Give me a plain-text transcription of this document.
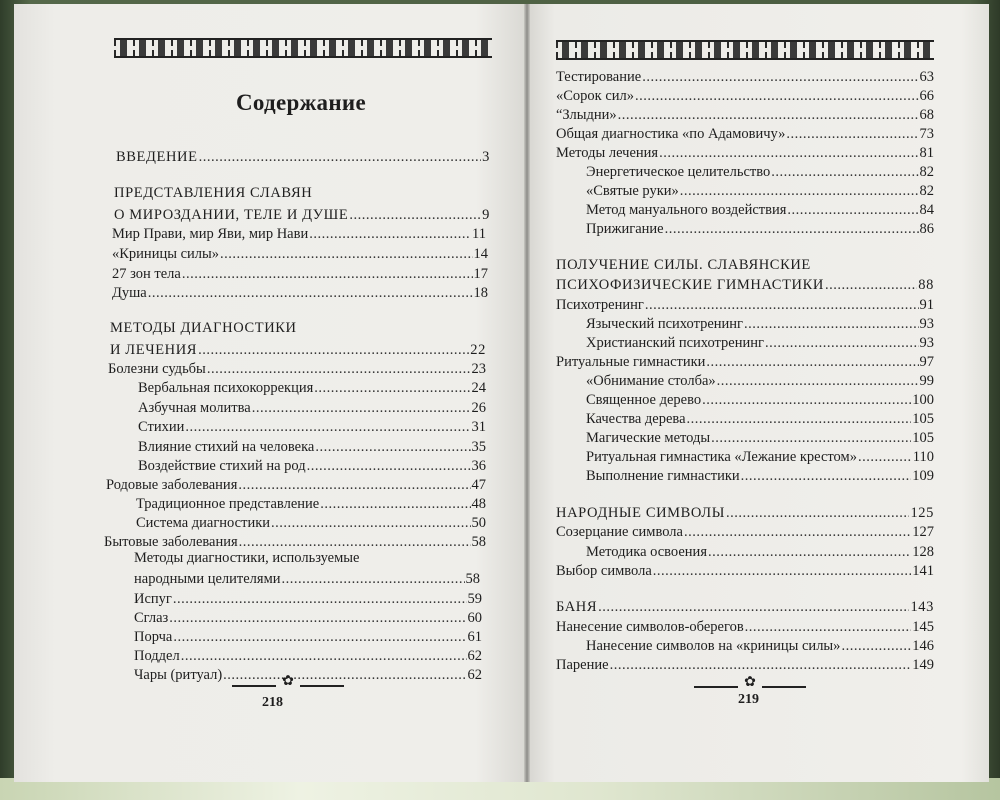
Содержание
ВВЕДЕНИЕ .....	3
ПРЕДСТАВЛЕНИЯ СЛАВЯН
О МИРОЗДАНИИ, ТЕЛЕ И ДУШЕ .....	9
Мир Прави, мир Яви, мир Нави .....	11
«Криницы силы» .....	14
27 зон тела .....	17
Душа .....	18
МЕТОДЫ ДИАГНОСТИКИ
И ЛЕЧЕНИЯ .....	22
Болезни судьбы .....	23
Вербальная психокоррекция .....	24
Азбучная молитва .....	26
Стихии .....	31
Влияние стихий на человека .....	35
Воздействие стихий на род .....	36
Родовые заболевания .....	47
Традиционное представление .....	48
Система диагностики .....	50
Бытовые заболевания .....	58
Методы диагностики, используемые
народными целителями .....	58
Испуг .....	59
Сглаз .....	60
Порча .....	61
Поддел .....	62
Чары (ритуал) .....	62
✿
218
Тестирование .....	63
«Сорок сил» .....	66
“Злыдни» .....	68
Общая диагностика «по Адамовичу» .....	73
Методы лечения .....	81
Энергетическое целительство .....	82
«Святые руки» .....	82
Метод мануального воздействия .....	84
Прижигание .....	86
ПОЛУЧЕНИЕ СИЛЫ. СЛАВЯНСКИЕ
ПСИХОФИЗИЧЕСКИЕ ГИМНАСТИКИ .....	88
Психотренинг .....	91
Языческий психотренинг .....	93
Христианский психотренинг .....	93
Ритуальные гимнастики .....	97
«Обнимание столба» .....	99
Священное дерево .....	100
Качества дерева .....	105
Магические методы .....	105
Ритуальная гимнастика «Лежание крестом» .....	110
Выполнение гимнастики .....	109
НАРОДНЫЕ СИМВОЛЫ .....	125
Созерцание символа .....	127
Методика освоения .....	128
Выбор символа .....	141
БАНЯ .....	143
Нанесение символов-оберегов .....	145
Нанесение символов на «криницы силы» .....	146
Парение .....	149
✿
219
